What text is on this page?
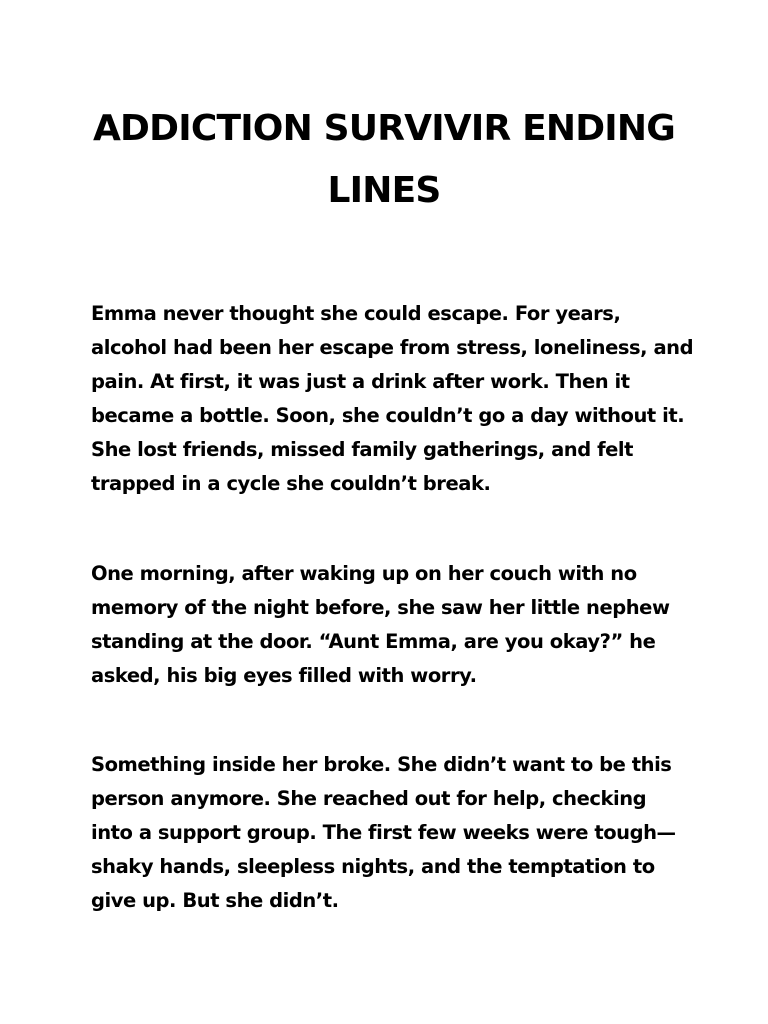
ADDICTION SURVIVIR ENDING
LINES

Emma never thought she could escape. For years,
alcohol had been her escape from stress, loneliness, and
pain. At first, it was just a drink after work. Then it
became a bottle. Soon, she couldn’t go a day without it.
She lost friends, missed family gatherings, and felt
trapped in a cycle she couldn’t break.

One morning, after waking up on her couch with no
memory of the night before, she saw her little nephew
standing at the door. “Aunt Emma, are you okay?” he
asked, his big eyes filled with worry.

Something inside her broke. She didn’t want to be this
person anymore. She reached out for help, checking
into a support group. The first few weeks were tough—
shaky hands, sleepless nights, and the temptation to
give up. But she didn’t.
